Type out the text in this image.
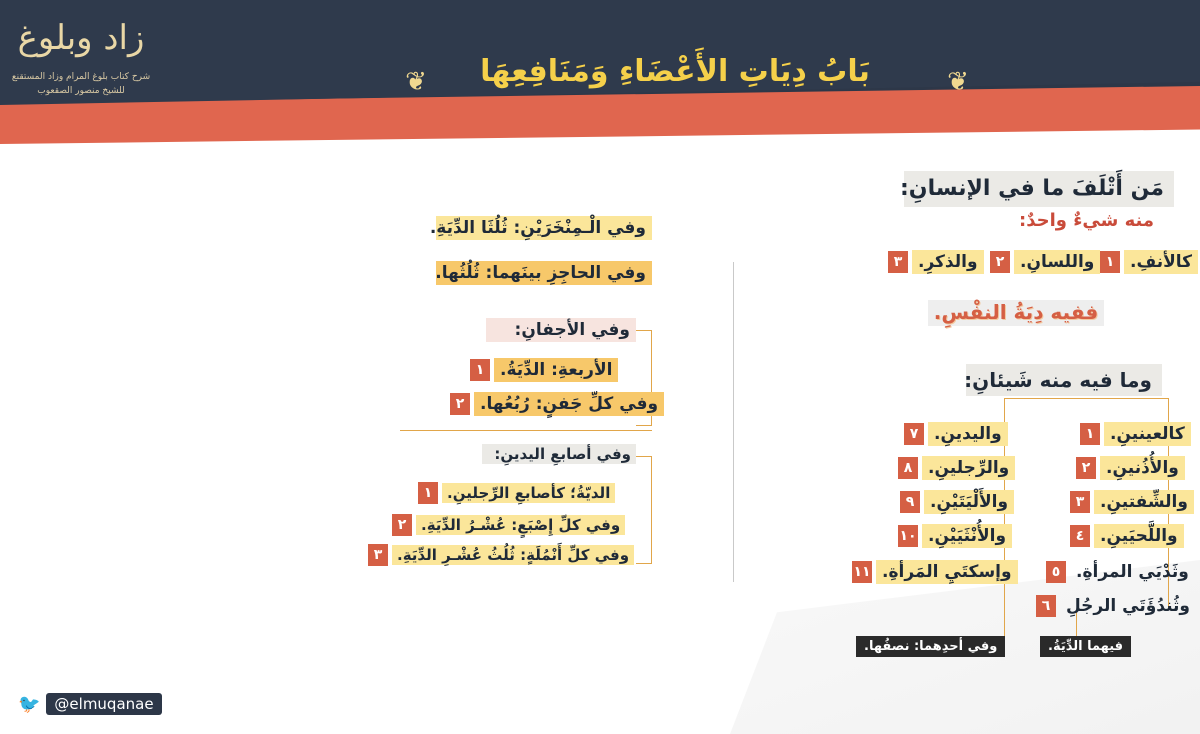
زاد وبلوغ
شرح كتاب بلوغ المرام وزاد المستقنع
للشيخ منصور الصقعوب	❦	بَابُ دِيَاتِ الأَعْضَاءِ وَمَنَافِعِهَا	❦
مَن أَتْلَفَ ما في الإنسانِ:
منه شيءٌ واحدٌ:
١ كالأنفِ.
٢ واللسانِ.
٣ والذكرِ.
ففيه دِيَةُ النفْسِ.
وما فيه منه شَيئانِ:
١ كالعينينِ.
٢ والأُذُنينِ.
٣ والشِّفتينِ.
٤ واللَّحيَينِ.
٥ وثَدْيَي المرأةِ.
٦ وثُندُؤَتَي الرجُلِ
٧ واليدينِ.
٨ والرِّجلينِ.
٩ والأَلْيَتَيْنِ.
١٠ والأُنْثَيَيْنِ.
١١ وإسكتَيِ المَرأةِ.
فيهما الدِّيَةُ.
وفي أحدِهما: نصفُها.
وفي الْـمِنْخَرَيْنِ: ثُلُثَا الدِّيَةِ.
وفي الحاجِزِ بينَهما: ثُلُثُها.
وفي الأجفانِ:
١ الأربعةِ: الدِّيَةُ.
٢ وفي كلِّ جَفنٍ: رُبُعُها.
وفي أصابعِ اليدينِ:
١ الديّةُ؛ كأصابعِ الرِّجلينِ.
٢ وفي كلِّ إِصْبَعٍ: عُشْـرُ الدِّيَةِ.
٣ وفي كلِّ أَنْمُلَةٍ: ثُلُثُ عُشْـرِ الدِّيَةِ.
🐦 @elmuqanae
